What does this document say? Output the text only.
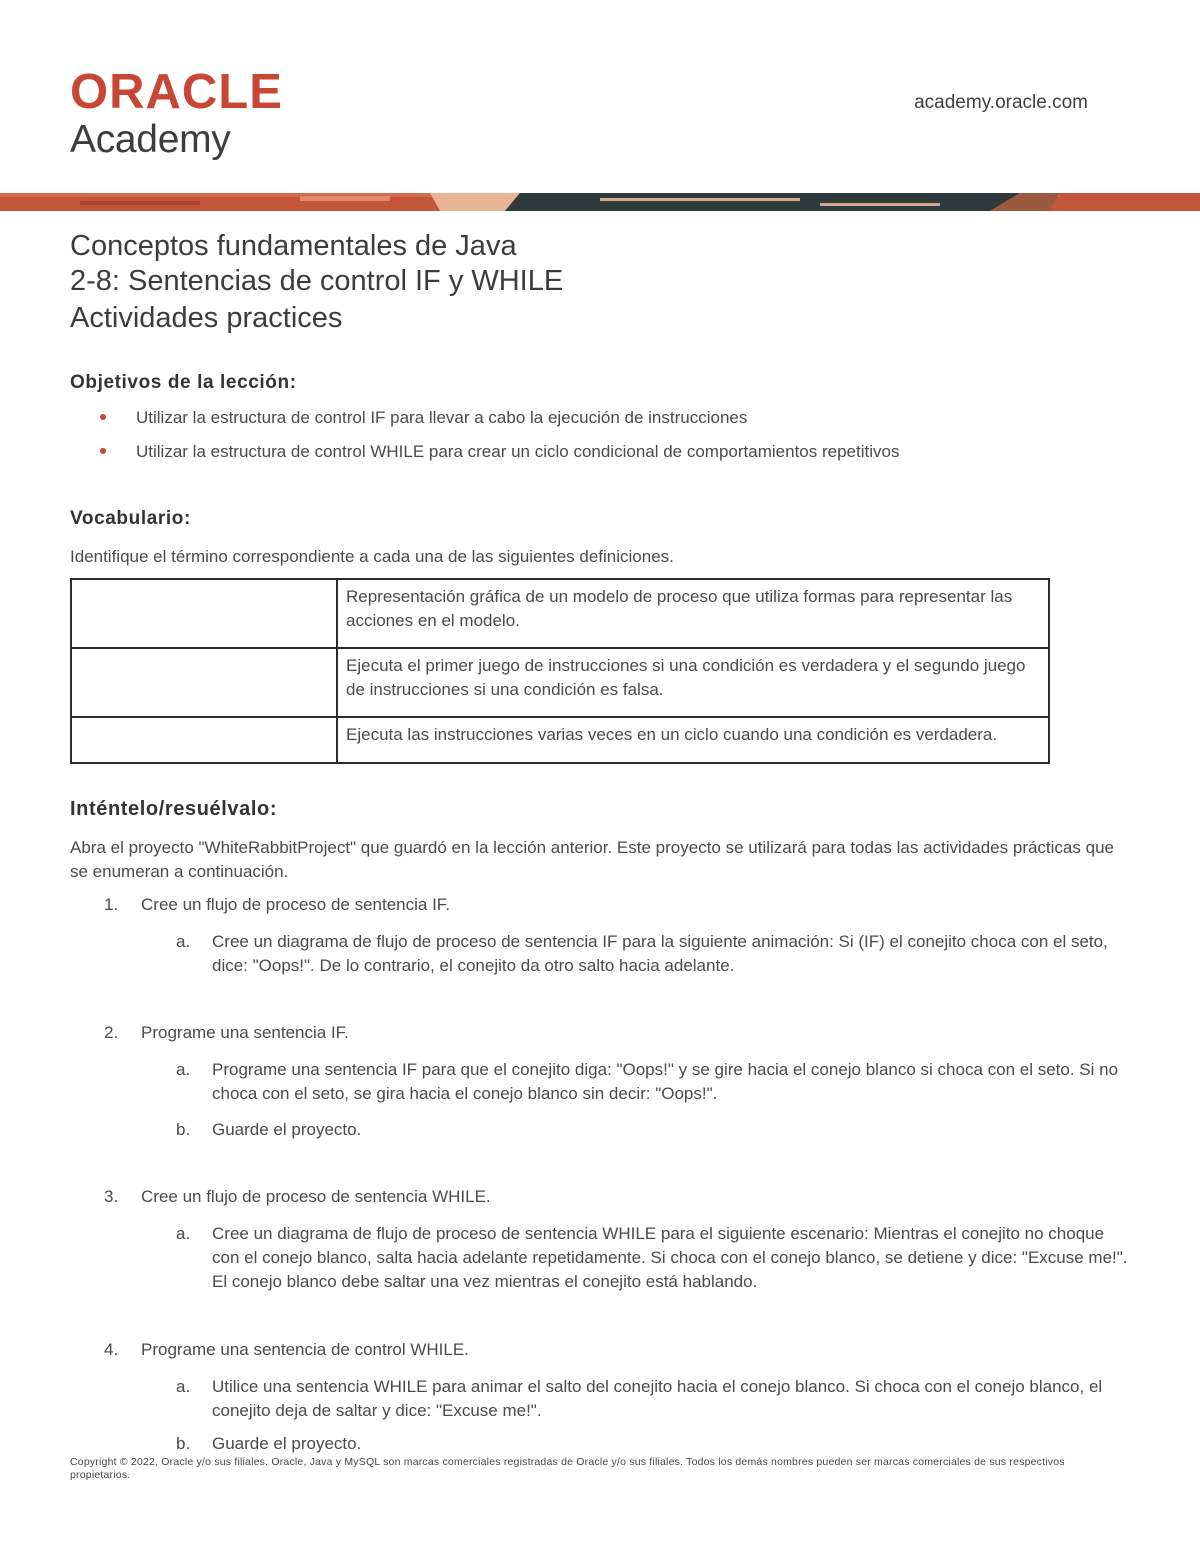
ORACLE
Academy
academy.oracle.com
Conceptos fundamentales de Java
2-8: Sentencias de control IF y WHILE
Actividades practices
Objetivos de la lección:
Utilizar la estructura de control IF para llevar a cabo la ejecución de instrucciones
Utilizar la estructura de control WHILE para crear un ciclo condicional de comportamientos repetitivos
Vocabulario:

Identifique el término correspondiente a cada una de las siguientes definiciones.

	Representación gráfica de un modelo de proceso que utiliza formas para representar las acciones en el modelo.
	Ejecuta el primer juego de instrucciones si una condición es verdadera y el segundo juego de instrucciones si una condición es falsa.
	Ejecuta las instrucciones varias veces en un ciclo cuando una condición es verdadera.
Inténtelo/resuélvalo:

Abra el proyecto "WhiteRabbitProject" que guardó en la lección anterior. Este proyecto se utilizará para todas las actividades prácticas que se enumeran a continuación.

1. Cree un flujo de proceso de sentencia IF.
a. Cree un diagrama de flujo de proceso de sentencia IF para la siguiente animación: Si (IF) el conejito choca con el seto, dice: "Oops!". De lo contrario, el conejito da otro salto hacia adelante.
2. Programe una sentencia IF.
a. Programe una sentencia IF para que el conejito diga: "Oops!" y se gire hacia el conejo blanco si choca con el seto. Si no choca con el seto, se gira hacia el conejo blanco sin decir: "Oops!".
b. Guarde el proyecto.
3. Cree un flujo de proceso de sentencia WHILE.
a. Cree un diagrama de flujo de proceso de sentencia WHILE para el siguiente escenario: Mientras el conejito no choque con el conejo blanco, salta hacia adelante repetidamente. Si choca con el conejo blanco, se detiene y dice: "Excuse me!". El conejo blanco debe saltar una vez mientras el conejito está hablando.
4. Programe una sentencia de control WHILE.
a. Utilice una sentencia WHILE para animar el salto del conejito hacia el conejo blanco. Si choca con el conejo blanco, el conejito deja de saltar y dice: "Excuse me!".
b. Guarde el proyecto.
Copyright © 2022, Oracle y/o sus filiales. Oracle, Java y MySQL son marcas comerciales registradas de Oracle y/o sus filiales. Todos los demás nombres pueden ser marcas comerciales de sus respectivos propietarios.
